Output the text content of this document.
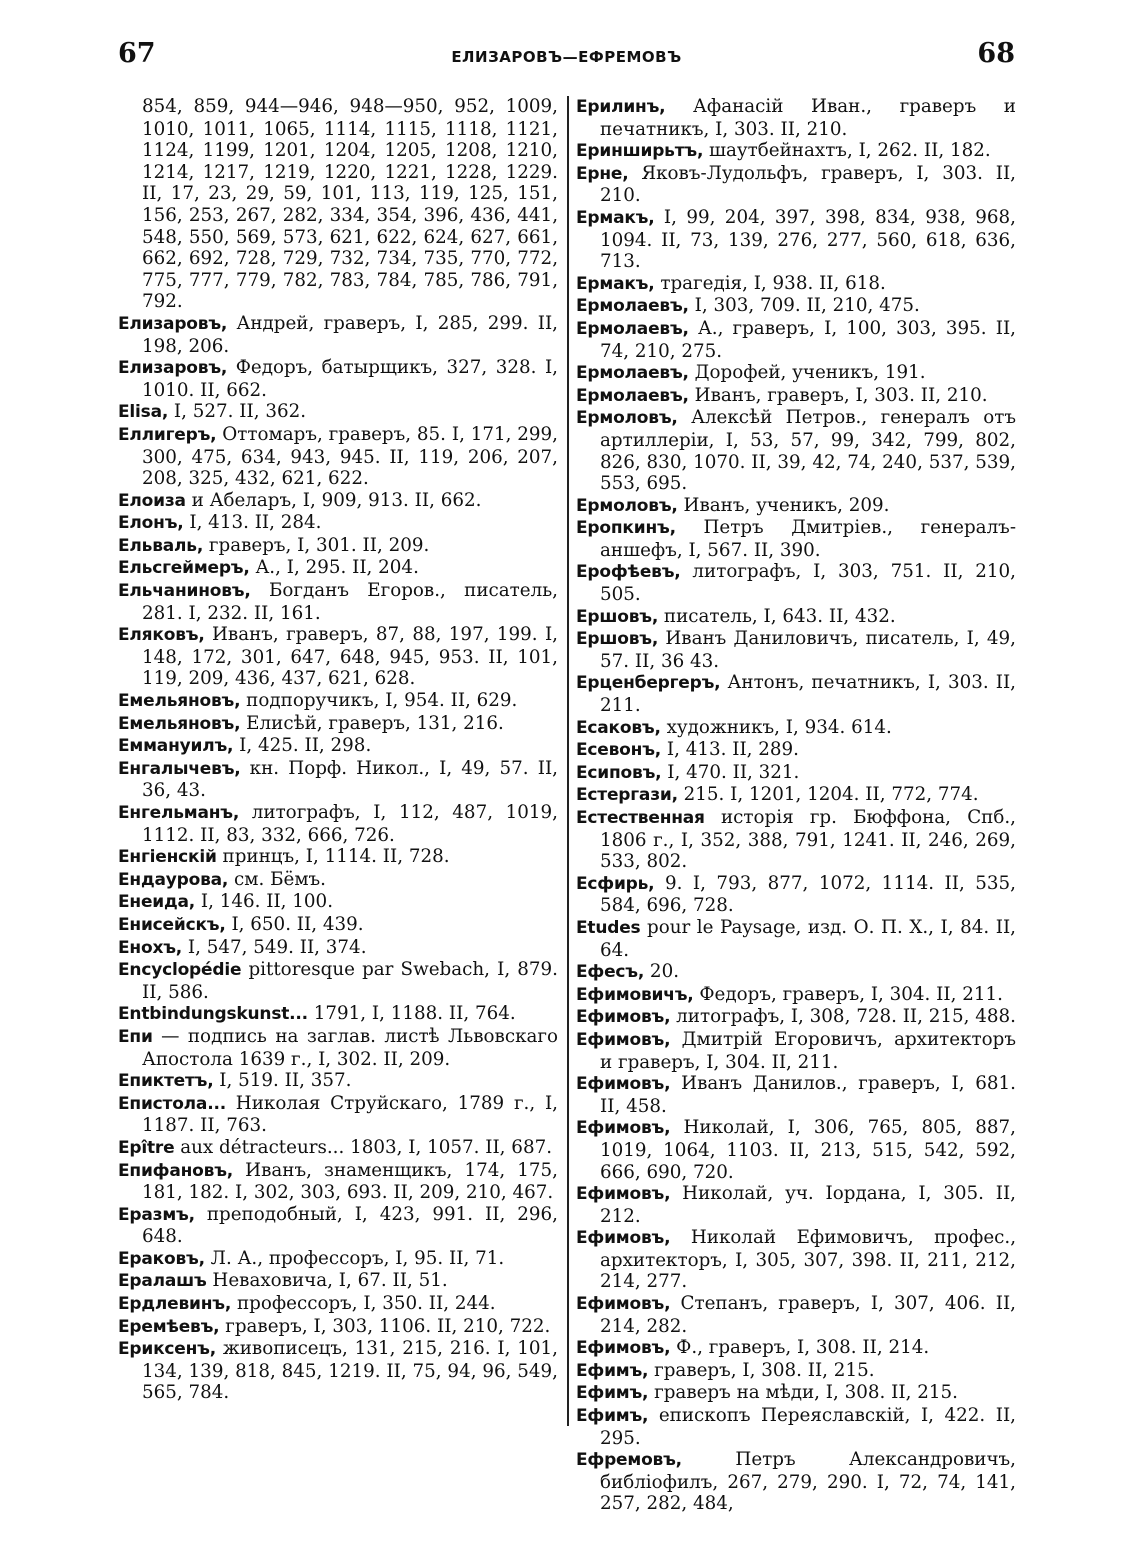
67	ЕЛИЗАРОВЪ—ЕФРЕМОВЪ	68

854, 859, 944—946, 948—950, 952, 1009, 1010, 1011, 1065, 1114, 1115, 1118, 1121, 1124, 1199, 1201, 1204, 1205, 1208, 1210, 1214, 1217, 1219, 1220, 1221, 1228, 1229. II, 17, 23, 29, 59, 101, 113, 119, 125, 151, 156, 253, 267, 282, 334, 354, 396, 436, 441, 548, 550, 569, 573, 621, 622, 624, 627, 661, 662, 692, 728, 729, 732, 734, 735, 770, 772, 775, 777, 779, 782, 783, 784, 785, 786, 791, 792.

Елизаровъ, Андрей, граверъ, I, 285, 299. II, 198, 206.

Елизаровъ, Федоръ, батырщикъ, 327, 328. I, 1010. II, 662.

Elisa, I, 527. II, 362.

Еллигеръ, Оттомаръ, граверъ, 85. I, 171, 299, 300, 475, 634, 943, 945. II, 119, 206, 207, 208, 325, 432, 621, 622.

Елоиза и Абеларъ, I, 909, 913. II, 662.

Елонъ, I, 413. II, 284.

Ельваль, граверъ, I, 301. II, 209.

Ельсгеймеръ, А., I, 295. II, 204.

Ельчаниновъ, Богданъ Егоров., писатель, 281. I, 232. II, 161.

Еляковъ, Иванъ, граверъ, 87, 88, 197, 199. I, 148, 172, 301, 647, 648, 945, 953. II, 101, 119, 209, 436, 437, 621, 628.

Емельяновъ, подпоручикъ, I, 954. II, 629.

Емельяновъ, Елисѣй, граверъ, 131, 216.

Еммануилъ, I, 425. II, 298.

Енгалычевъ, кн. Порф. Никол., I, 49, 57. II, 36, 43.

Енгельманъ, литографъ, I, 112, 487, 1019, 1112. II, 83, 332, 666, 726.

Енгіенскій принцъ, I, 1114. II, 728.

Ендаурова, см. Бёмъ.

Енеида, I, 146. II, 100.

Енисейскъ, I, 650. II, 439.

Енохъ, I, 547, 549. II, 374.

Encyclopédie pittoresque par Swebach, I, 879. II, 586.

Entbindungskunst... 1791, I, 1188. II, 764.

Епи — подпись на заглав. листѣ Львовскаго Апостола 1639 г., I, 302. II, 209.

Епиктетъ, I, 519. II, 357.

Епистола... Николая Струйскаго, 1789 г., I, 1187. II, 763.

Epître aux détracteurs... 1803, I, 1057. II, 687.

Епифановъ, Иванъ, знаменщикъ, 174, 175, 181, 182. I, 302, 303, 693. II, 209, 210, 467.

Еразмъ, преподобный, I, 423, 991. II, 296, 648.

Ераковъ, Л. А., профессоръ, I, 95. II, 71.

Ералашъ Неваховича, I, 67. II, 51.

Ердлевинъ, профессоръ, I, 350. II, 244.

Еремѣевъ, граверъ, I, 303, 1106. II, 210, 722.

Ериксенъ, живописецъ, 131, 215, 216. I, 101, 134, 139, 818, 845, 1219. II, 75, 94, 96, 549, 565, 784.

Ерилинъ, Афанасій Иван., граверъ и печатникъ, I, 303. II, 210.

Еринширьтъ, шаутбейнахтъ, I, 262. II, 182.

Ерне, Яковъ-Лудольфъ, граверъ, I, 303. II, 210.

Ермакъ, I, 99, 204, 397, 398, 834, 938, 968, 1094. II, 73, 139, 276, 277, 560, 618, 636, 713.

Ермакъ, трагедія, I, 938. II, 618.

Ермолаевъ, I, 303, 709. II, 210, 475.

Ермолаевъ, А., граверъ, I, 100, 303, 395. II, 74, 210, 275.

Ермолаевъ, Дорофей, ученикъ, 191.

Ермолаевъ, Иванъ, граверъ, I, 303. II, 210.

Ермоловъ, Алексѣй Петров., генералъ отъ артиллеріи, I, 53, 57, 99, 342, 799, 802, 826, 830, 1070. II, 39, 42, 74, 240, 537, 539, 553, 695.

Ермоловъ, Иванъ, ученикъ, 209.

Еропкинъ, Петръ Дмитріев., генералъ-аншефъ, I, 567. II, 390.

Ерофѣевъ, литографъ, I, 303, 751. II, 210, 505.

Ершовъ, писатель, I, 643. II, 432.

Ершовъ, Иванъ Даниловичъ, писатель, I, 49, 57. II, 36 43.

Ерценбергеръ, Антонъ, печатникъ, I, 303. II, 211.

Есаковъ, художникъ, I, 934. 614.

Есевонъ, I, 413. II, 289.

Есиповъ, I, 470. II, 321.

Естергази, 215. I, 1201, 1204. II, 772, 774.

Естественная исторія гр. Бюффона, Спб., 1806 г., I, 352, 388, 791, 1241. II, 246, 269, 533, 802.

Есфирь, 9. I, 793, 877, 1072, 1114. II, 535, 584, 696, 728.

Etudes pour le Paysage, изд. О. П. Х., I, 84. II, 64.

Ефесъ, 20.

Ефимовичъ, Федоръ, граверъ, I, 304. II, 211.

Ефимовъ, литографъ, I, 308, 728. II, 215, 488.

Ефимовъ, Дмитрій Егоровичъ, архитекторъ и граверъ, I, 304. II, 211.

Ефимовъ, Иванъ Данилов., граверъ, I, 681. II, 458.

Ефимовъ, Николай, I, 306, 765, 805, 887, 1019, 1064, 1103. II, 213, 515, 542, 592, 666, 690, 720.

Ефимовъ, Николай, уч. Іордана, I, 305. II, 212.

Ефимовъ, Николай Ефимовичъ, профес., архитекторъ, I, 305, 307, 398. II, 211, 212, 214, 277.

Ефимовъ, Степанъ, граверъ, I, 307, 406. II, 214, 282.

Ефимовъ, Ф., граверъ, I, 308. II, 214.

Ефимъ, граверъ, I, 308. II, 215.

Ефимъ, граверъ на мѣди, I, 308. II, 215.

Ефимъ, епископъ Переяславскій, I, 422. II, 295.

Ефремовъ, Петръ Александровичъ, библіофилъ, 267, 279, 290. I, 72, 74, 141, 257, 282, 484,
